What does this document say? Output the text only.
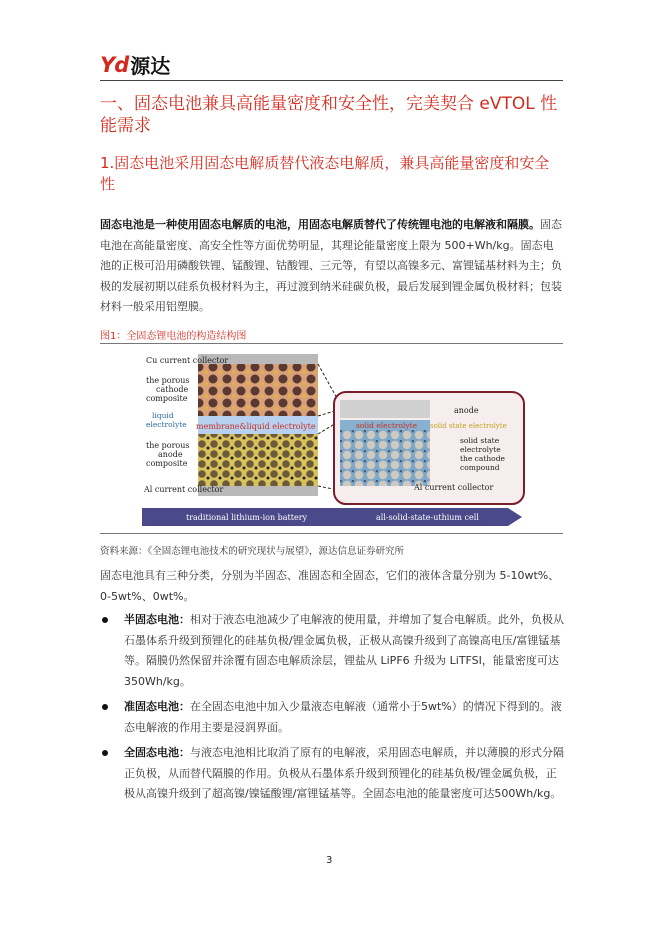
Yd 源达
一、固态电池兼具高能量密度和安全性，完美契合 eVTOL 性能需求
1.固态电池采用固态电解质替代液态电解质，兼具高能量密度和安全性
固态电池是一种使用固态电解质的电池，用固态电解质替代了传统锂电池的电解液和隔膜。固态电池在高能量密度、高安全性等方面优势明显，其理论能量密度上限为 500+Wh/kg。固态电池的正极可沿用磷酸铁锂、锰酸锂、钴酸锂、三元等，有望以高镍多元、富锂锰基材料为主；负极的发展初期以硅系负极材料为主，再过渡到纳米硅碳负极，最后发展到锂金属负极材料；包装材料一般采用铝塑膜。
图1：全固态锂电池的构造结构图
Cu current collector
the porous
cathode
composite
liquid
electrolyte membrane&liquid electrolyte
the porous
anode
composite
Al current collector
anode
solid electrolyte solid state electrolyte
solid state
electrolyte
the cathode
compound
Al current collector
traditional lithium-ion battery	all-solid-state-uthium cell
资料来源：《全固态锂电池技术的研究现状与展望》，源达信息证券研究所
固态电池具有三种分类，分别为半固态、准固态和全固态，它们的液体含量分别为 5-10wt%、0-5wt%、0wt%。
半固态电池：相对于液态电池减少了电解液的使用量，并增加了复合电解质。此外，负极从石墨体系升级到预锂化的硅基负极/锂金属负极，正极从高镍升级到了高镍高电压/富锂锰基等。隔膜仍然保留并涂覆有固态电解质涂层，锂盐从 LiPF6 升级为 LiTFSI，能量密度可达 350Wh/kg。
准固态电池：在全固态电池中加入少量液态电解液（通常小于5wt%）的情况下得到的。液态电解液的作用主要是浸润界面。
全固态电池：与液态电池相比取消了原有的电解液，采用固态电解质，并以薄膜的形式分隔正负极，从而替代隔膜的作用。负极从石墨体系升级到预锂化的硅基负极/锂金属负极，正极从高镍升级到了超高镍/镍锰酸锂/富锂锰基等。全固态电池的能量密度可达500Wh/kg。
3
